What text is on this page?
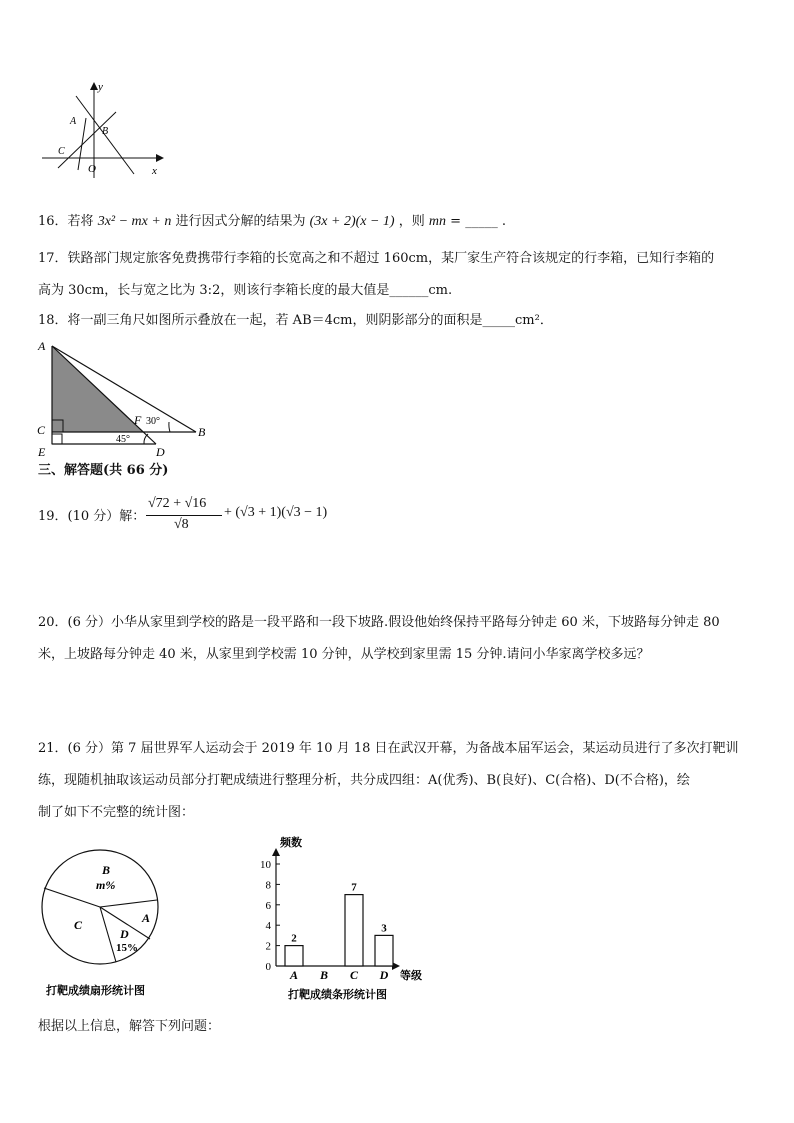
y
x
O
A
B
C
16．若将 3x² − mx + n 进行因式分解的结果为 (3x + 2)(x − 1) ，则 mn = _____ .
17．铁路部门规定旅客免费携带行李箱的长宽高之和不超过 160cm，某厂家生产符合该规定的行李箱，已知行李箱的
高为 30cm，长与宽之比为 3:2，则该行李箱长度的最大值是______cm.
18．将一副三角尺如图所示叠放在一起，若 AB＝4cm，则阴影部分的面积是_____cm²．
A
C
E
F 30°
B
45°
D
三、解答题(共 66 分)
19．(10 分）解：
√72 + √16
√8
+ (√3 + 1)(√3 − 1)
20．(6 分）小华从家里到学校的路是一段平路和一段下坡路.假设他始终保持平路每分钟走 60 米，下坡路每分钟走 80
米，上坡路每分钟走 40 米，从家里到学校需 10 分钟，从学校到家里需 15 分钟.请问小华家离学校多远？
21．(6 分）第 7 届世界军人运动会于 2019 年 10 月 18 日在武汉开幕，为备战本届军运会，某运动员进行了多次打靶训
练，现随机抽取该运动员部分打靶成绩进行整理分析，共分成四组：A(优秀)、B(良好)、C(合格)、D(不合格)，绘
制了如下不完整的统计图：
B
m%
C	A
D
15%
打靶成绩扇形统计图
频数
0
2
4
6
8
10
2
A B
7
C
3
D 等级
打靶成绩条形统计图
根据以上信息，解答下列问题：
